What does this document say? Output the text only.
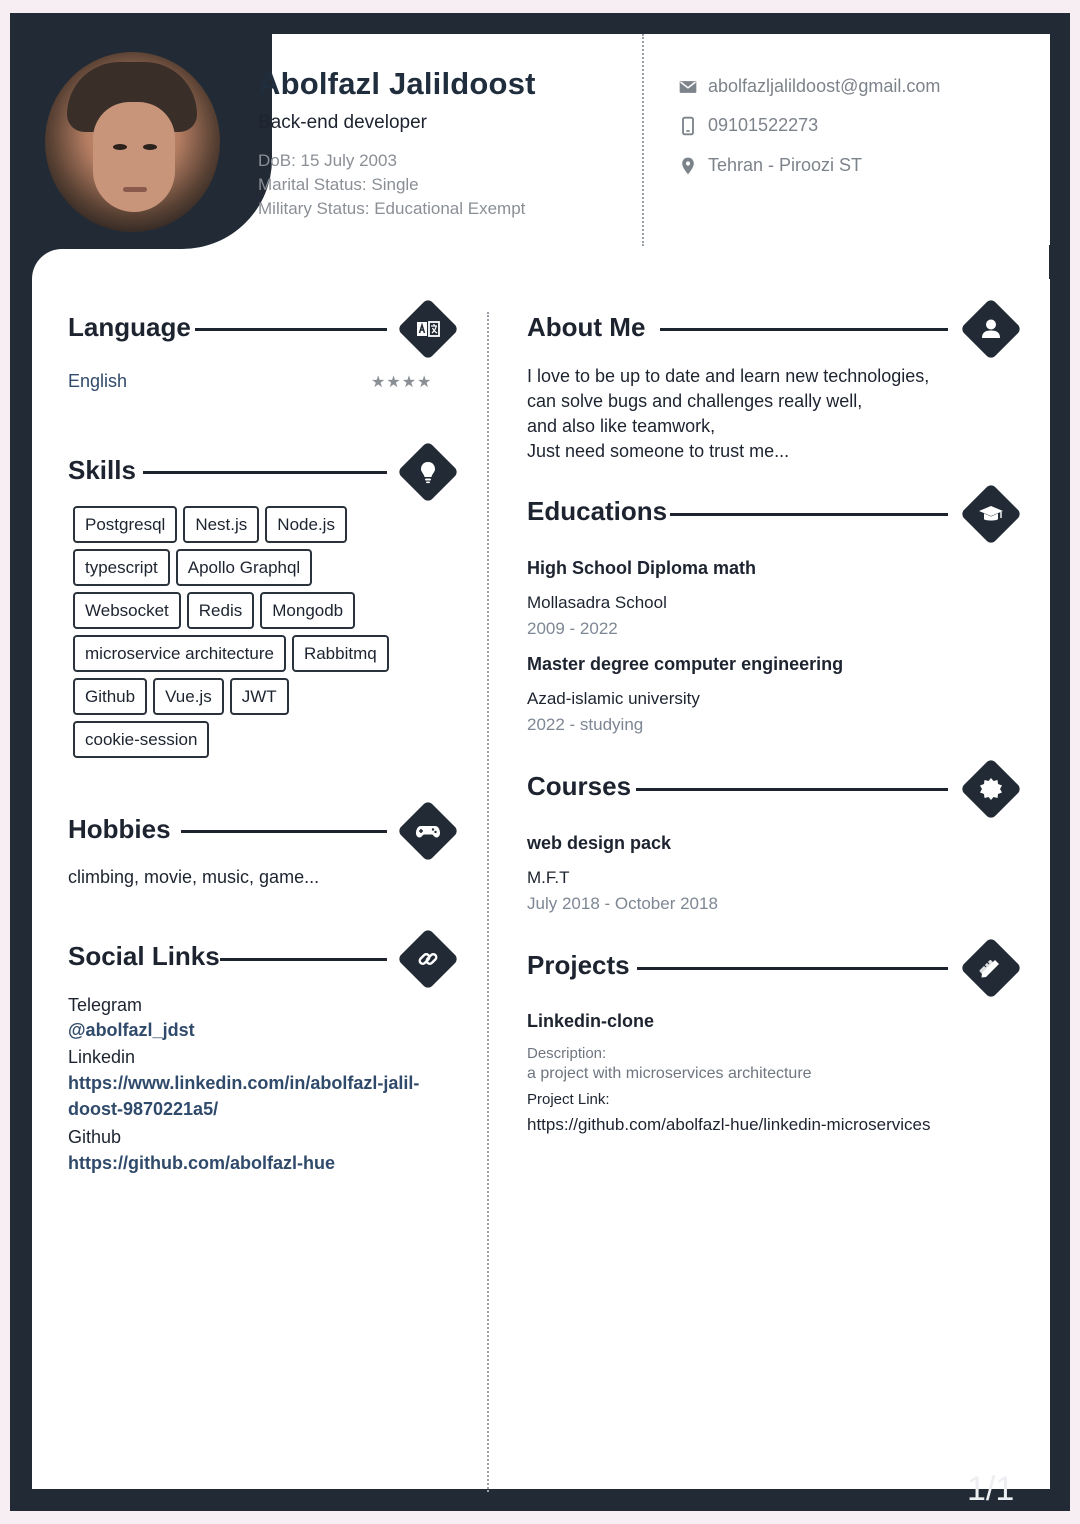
Abolfazl Jalildoost
Back-end developer
DoB: 15 July 2003
Marital Status: Single
Military Status: Educational Exempt
abolfazljalildoost@gmail.com
09101522273
Tehran - Piroozi ST
Language
English	★★★★
Skills
Postgresql	Nest.js	Node.js
typescript	Apollo Graphql
Websocket	Redis	Mongodb
microservice architecture	Rabbitmq
Github	Vue.js	JWT
cookie-session
Hobbies
climbing, movie, music, game...
Social Links
Telegram
@abolfazl_jdst
Linkedin
https://www.linkedin.com/in/abolfazl-jalil-
doost-9870221a5/
Github
https://github.com/abolfazl-hue
About Me
I love to be up to date and learn new technologies,
can solve bugs and challenges really well,
and also like teamwork,
Just need someone to trust me...
Educations
High School Diploma math
Mollasadra School
2009 - 2022
Master degree computer engineering
Azad-islamic university
2022 - studying
Courses
web design pack
M.F.T
July 2018 - October 2018
Projects
Linkedin-clone
Description:
a project with microservices architecture
Project Link:
https://github.com/abolfazl-hue/linkedin-microservices
1/1
